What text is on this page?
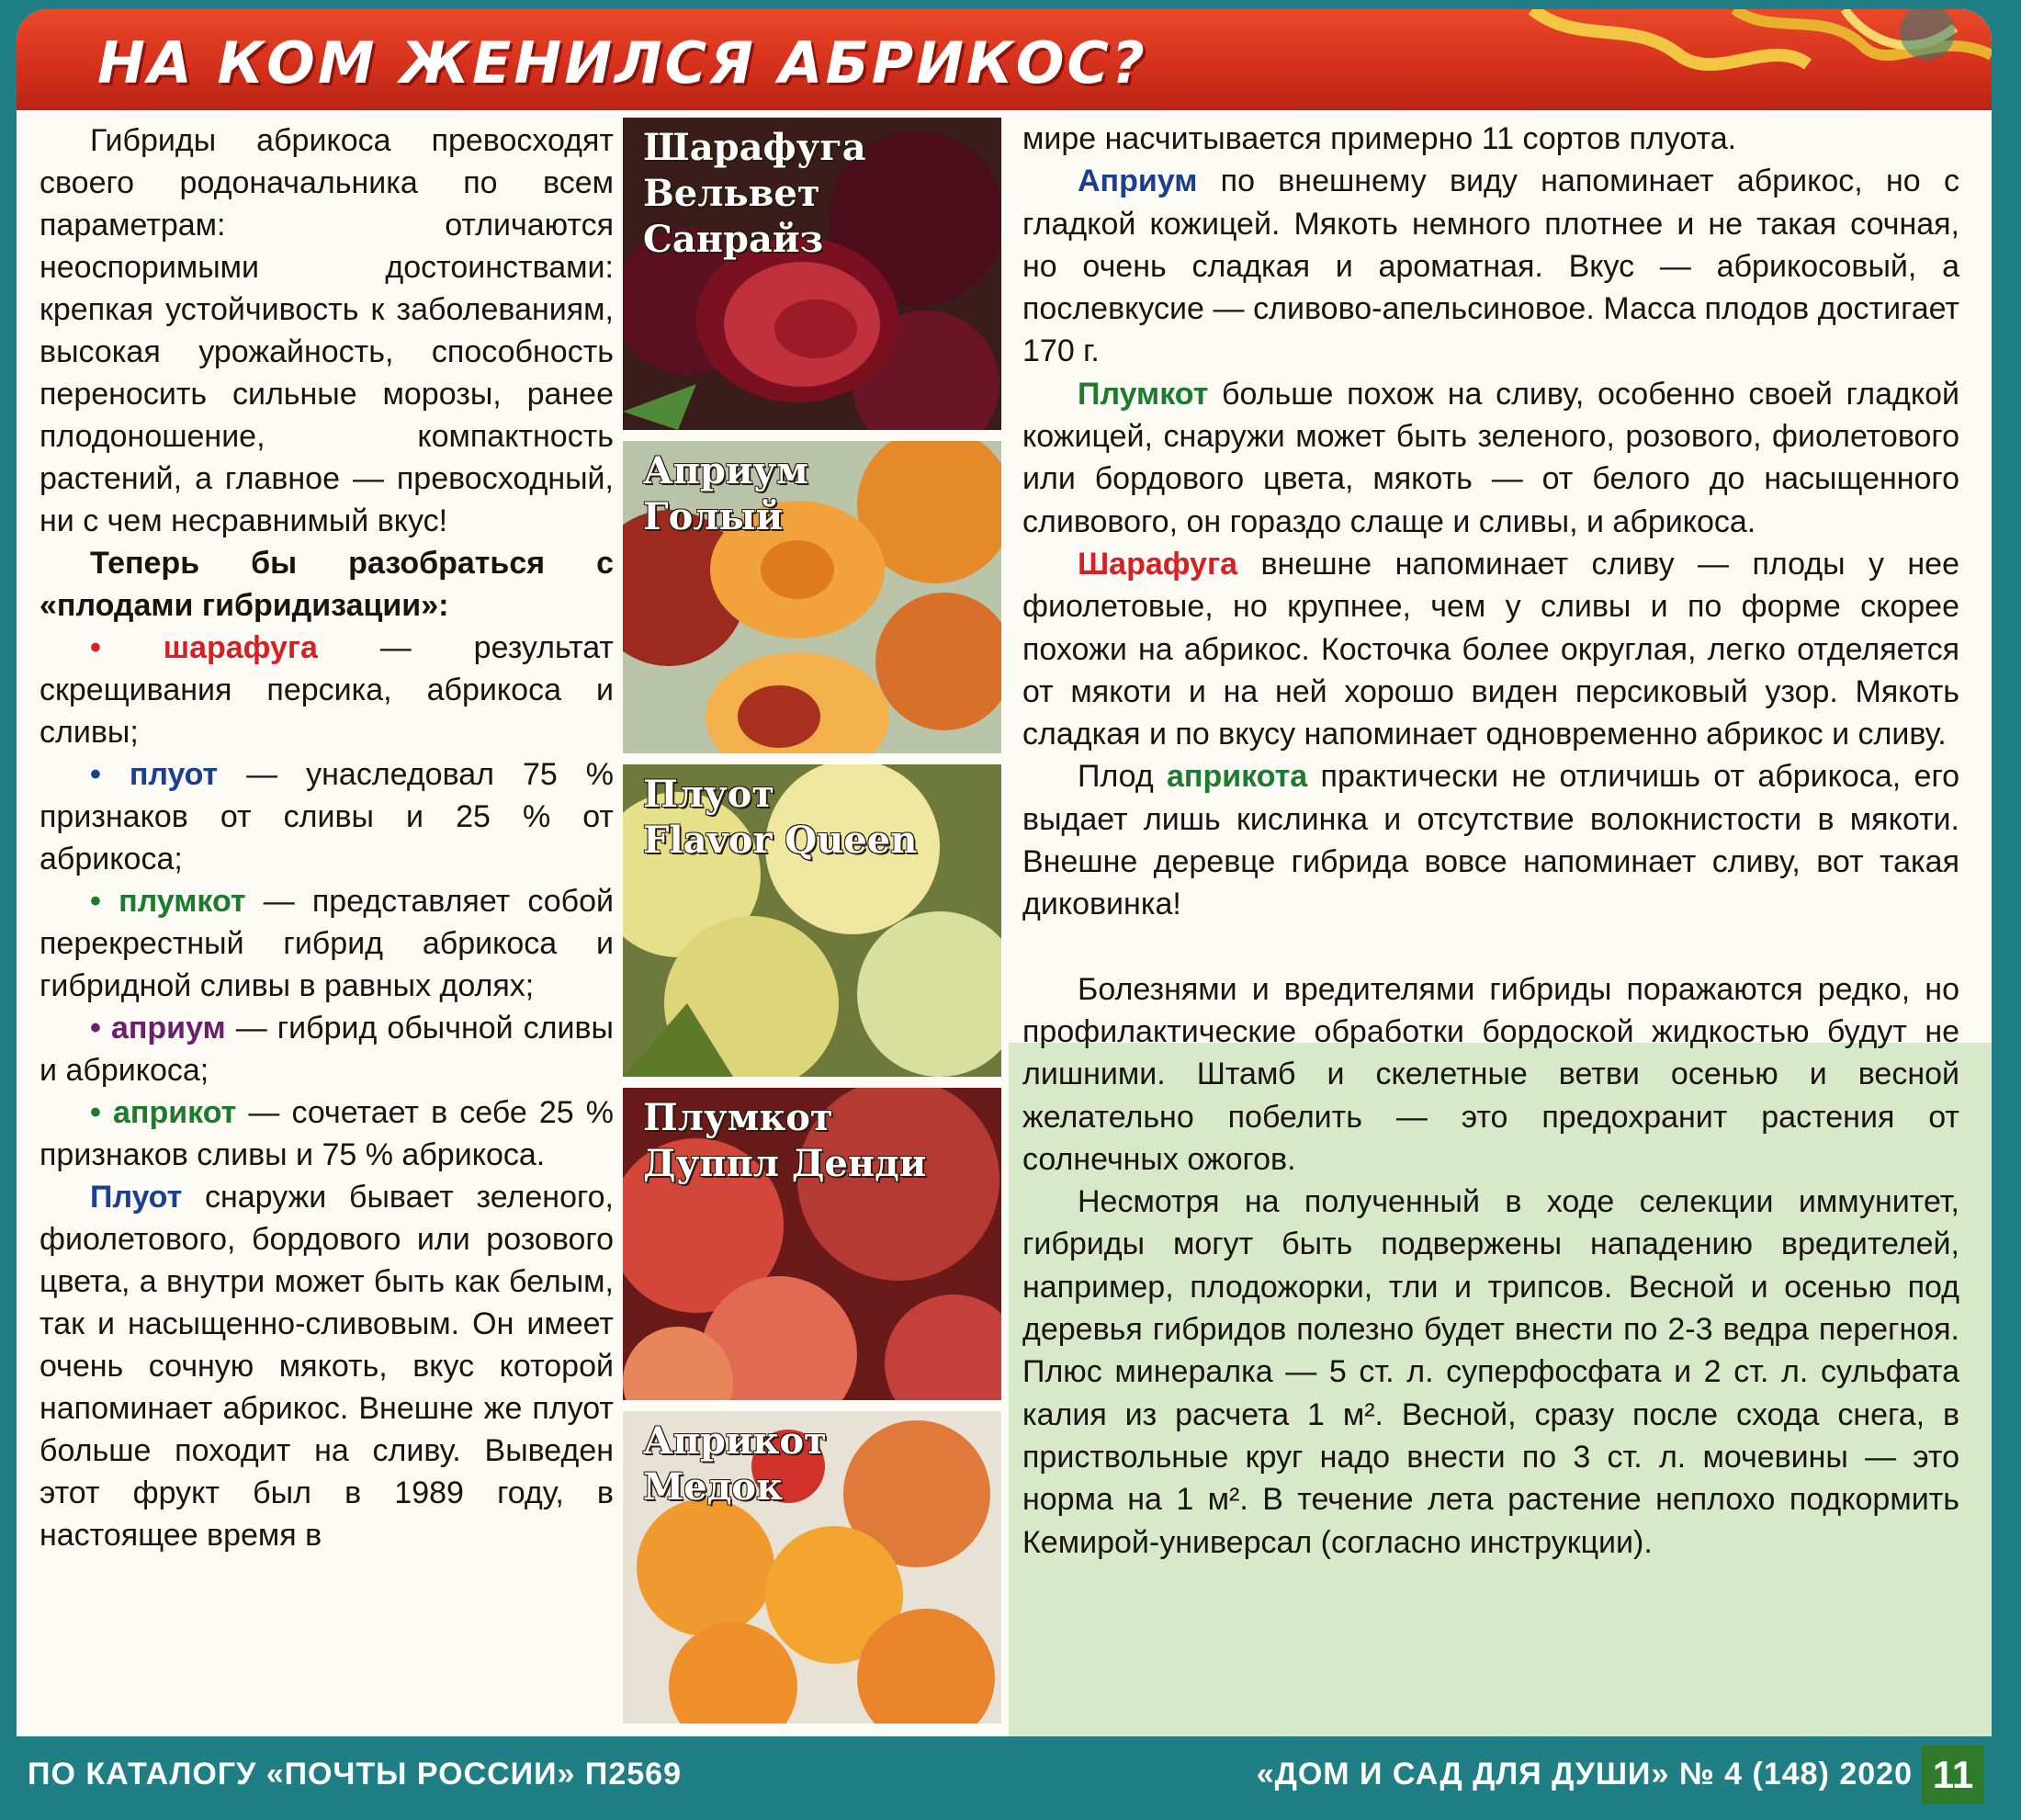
НА КОМ ЖЕНИЛСЯ АБРИКОС?

Гибриды абрикоса превосходят своего родоначальника по всем параметрам: отличаются неоспоримыми достоинствами: крепкая устойчивость к заболеваниям, высокая урожайность, способность переносить сильные морозы, ранее плодоношение, компактность растений, а главное — превосходный, ни с чем несравнимый вкус!

Теперь бы разобраться с «плодами гибридизации»:

• шарафуга — результат скрещивания персика, абрикоса и сливы;

• плуот — унаследовал 75 % признаков от сливы и 25 % от абрикоса;

• плумкот — представляет собой перекрестный гибрид абрикоса и гибридной сливы в равных долях;

• априум — гибрид обычной сливы и абрикоса;

• априкот — сочетает в себе 25 % признаков сливы и 75 % абрикоса.

Плуот снаружи бывает зеленого, фиолетового, бордового или розового цвета, а внутри может быть как белым, так и насыщенно-сливовым. Он имеет очень сочную мякоть, вкус которой напоминает абрикос. Внешне же плуот больше походит на сливу. Выведен этот фрукт был в 1989 году, в настоящее время в

Шарафуга
Вельвет Санрайз
Априум
Голый
Плуот
Flavor Queen
Плумкот
Дуппл Денди
Априкот
Медок

мире насчитывается примерно 11 сортов плуота.

Априум по внешнему виду напоминает абрикос, но с гладкой кожицей. Мякоть немного плотнее и не такая сочная, но очень сладкая и ароматная. Вкус — абрикосовый, а послевкусие — сливово-апельсиновое. Масса плодов достигает 170 г.

Плумкот больше похож на сливу, особенно своей гладкой кожицей, снаружи может быть зеленого, розового, фиолетового или бордового цвета, мякоть — от белого до насыщенного сливового, он гораздо слаще и сливы, и абрикоса.

Шарафуга внешне напоминает сливу — плоды у нее фиолетовые, но крупнее, чем у сливы и по форме скорее похожи на абрикос. Косточка более округлая, легко отделяется от мякоти и на ней хорошо виден персиковый узор. Мякоть сладкая и по вкусу напоминает одновременно абрикос и сливу.

Плод априкота практически не отличишь от абрикоса, его выдает лишь кислинка и отсутствие волокнистости в мякоти. Внешне деревце гибрида вовсе напоминает сливу, вот такая диковинка!

Болезнями и вредителями гибриды поражаются редко, но профилактические обработки бордоской жидкостью будут не лишними. Штамб и скелетные ветви осенью и весной желательно побелить — это предохранит растения от солнечных ожогов.

Несмотря на полученный в ходе селекции иммунитет, гибриды могут быть подвержены нападению вредителей, например, плодожорки, тли и трипсов. Весной и осенью под деревья гибридов полезно будет внести по 2-3 ведра перегноя. Плюс минералка — 5 ст. л. суперфосфата и 2 ст. л. сульфата калия из расчета 1 м². Весной, сразу после схода снега, в приствольные круг надо внести по 3 ст. л. мочевины — это норма на 1 м². В течение лета растение неплохо подкормить Кемирой-универсал (согласно инструкции).

ПО КАТАЛОГУ «ПОЧТЫ РОССИИ» П2569	«ДОМ И САД ДЛЯ ДУШИ» № 4 (148) 2020 11
